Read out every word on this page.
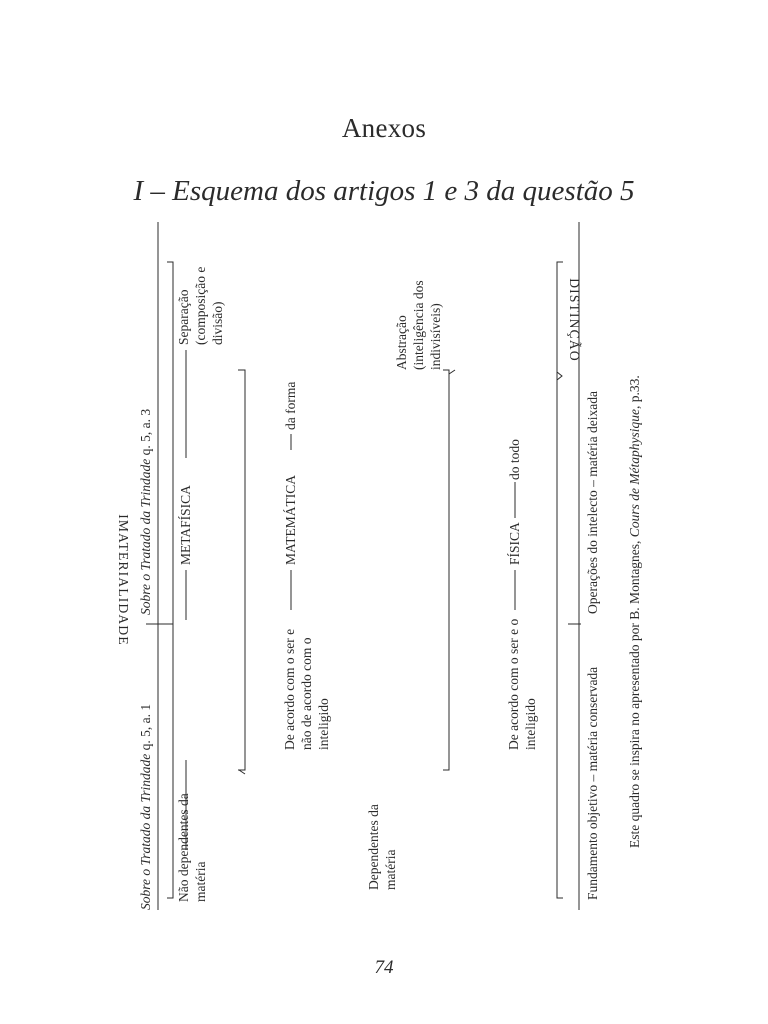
Anexos
I – Esquema dos artigos 1 e 3 da questão 5
Sobre o Tratado da Trindade q. 5, a. 1
Sobre o Tratado da Trindade q. 5, a. 3
IMATERIALIDADE
DISTINÇÃO
Não dependentes da matéria
METAFÍSICA
Separação (composição e divisão)
Dependentes da matéria
De acordo com o ser e não de acordo com o inteligido
MATEMÁTICA
da forma
Abstração (inteligência dos indivisíveis)
De acordo com o ser e o inteligido
FÍSICA
do todo
Fundamento objetivo – matéria conservada
Operações do intelecto – matéria deixada
Este quadro se inspira no apresentado por B. Montagnes, Cours de Métaphysique, p.33.
74
